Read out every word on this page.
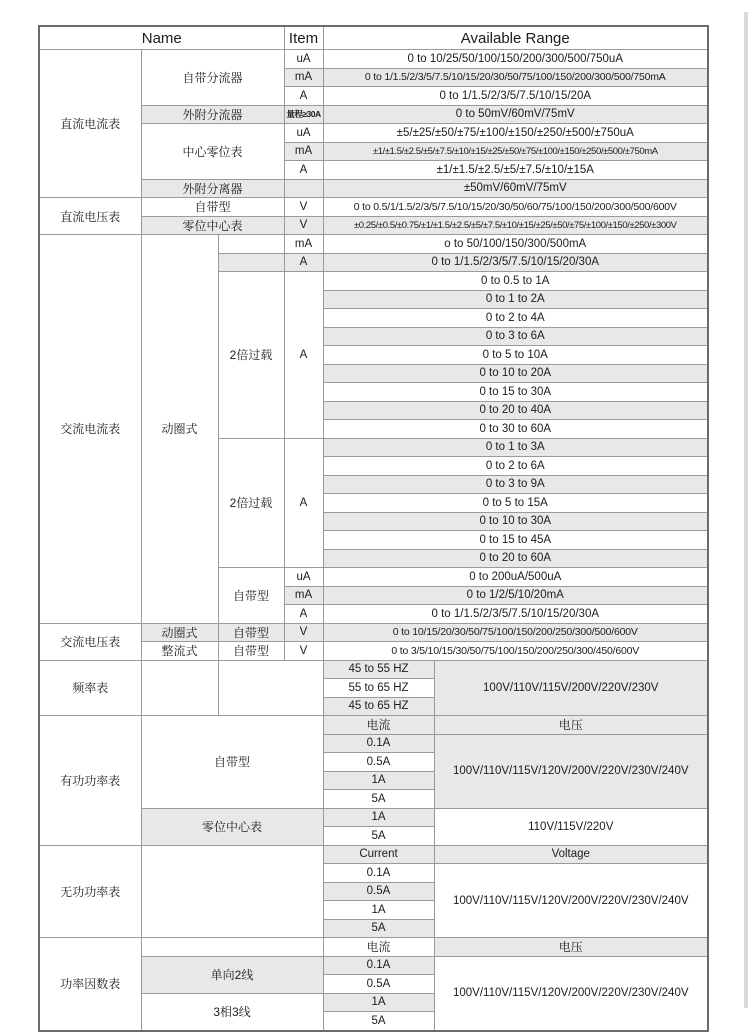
Name			Item	Available Range	
直流电流表	自带分流器		uA	0 to 10/25/50/100/150/200/300/500/750uA	
			mA	0 to 1/1.5/2/3/5/7.5/10/15/20/30/50/75/100/150/200/300/500/750mA	
			A	0 to 1/1.5/2/3/5/7.5/10/15/20A	
	外附分流器		量程≥30A	0 to 50mV/60mV/75mV	
	中心零位表		uA	±5/±25/±50/±75/±100/±150/±250/±500/±750uA	
			mA	±1/±1.5/±2.5/±5/±7.5/±10/±15/±25/±50/±75/±100/±150/±250/±500/±750mA	
			A	±1/±1.5/±2.5/±5/±7.5/±10/±15A	
	外附分离器			±50mV/60mV/75mV	
直流电压表	自带型		V	0 to 0.5/1/1.5/2/3/5/7.5/10/15/20/30/50/60/75/100/150/200/300/500/600V	
	零位中心表		V	±0.25/±0.5/±0.75/±1/±1.5/±2.5/±5/±7.5/±10/±15/±25/±50/±75/±100/±150/±250/±300V	
交流电流表	动圈式		mA	o to 50/100/150/300/500mA	
			A	0 to 1/1.5/2/3/5/7.5/10/15/20/30A	
		2倍过载	A	0 to 0.5 to 1A	
				0 to 1 to 2A	
				0 to 2 to 4A	
				0 to 3 to 6A	
				0 to 5 to 10A	
				0 to 10 to 20A	
				0 to 15 to 30A	
				0 to 20 to 40A	
				0 to 30 to 60A	
		2倍过载	A	0 to 1 to 3A	
				0 to 2 to 6A	
				0 to 3 to 9A	
				0 to 5 to 15A	
				0 to 10 to 30A	
				0 to 15 to 45A	
				0 to 20 to 60A	
		自带型	uA	0 to 200uA/500uA	
			mA	0 to 1/2/5/10/20mA	
			A	0 to 1/1.5/2/3/5/7.5/10/15/20/30A	
交流电压表	动圈式	自带型	V	0 to 10/15/20/30/50/75/100/150/200/250/300/500/600V	
	整流式	自带型	V	0 to 3/5/10/15/30/50/75/100/150/200/250/300/450/600V	
频率表				45 to 55 HZ	100V/110V/115V/200V/220V/230V
				55 to 65 HZ	
				45 to 65 HZ	
有功功率表	自带型			电流	电压
				0.1A	100V/110V/115V/120V/200V/220V/230V/240V
				0.5A	
				1A	
				5A	
	零位中心表			1A	110V/115V/220V
				5A	
无功功率表				Current	Voltage
				0.1A	100V/110V/115V/120V/200V/220V/230V/240V
				0.5A	
				1A	
				5A	
功率因数表				电流	电压
	单向2线			0.1A	100V/110V/115V/120V/200V/220V/230V/240V
				0.5A	
	3相3线			1A	
				5A	
